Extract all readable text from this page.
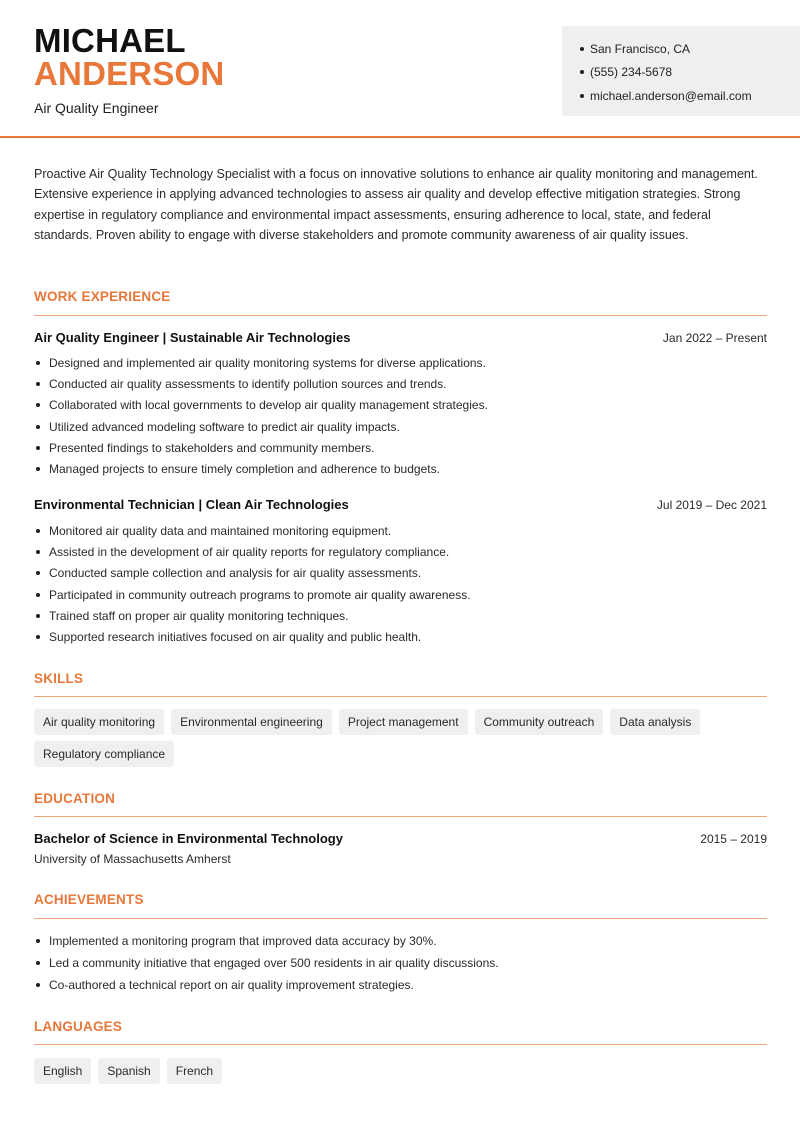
MICHAEL
ANDERSON
Air Quality Engineer
San Francisco, CA
(555) 234-5678
michael.anderson@email.com

Proactive Air Quality Technology Specialist with a focus on innovative solutions to enhance air quality monitoring and management. Extensive experience in applying advanced technologies to assess air quality and develop effective mitigation strategies. Strong expertise in regulatory compliance and environmental impact assessments, ensuring adherence to local, state, and federal standards. Proven ability to engage with diverse stakeholders and promote community awareness of air quality issues.

WORK EXPERIENCE
Air Quality Engineer | Sustainable Air Technologies	Jan 2022 – Present
Designed and implemented air quality monitoring systems for diverse applications.
Conducted air quality assessments to identify pollution sources and trends.
Collaborated with local governments to develop air quality management strategies.
Utilized advanced modeling software to predict air quality impacts.
Presented findings to stakeholders and community members.
Managed projects to ensure timely completion and adherence to budgets.
Environmental Technician | Clean Air Technologies	Jul 2019 – Dec 2021
Monitored air quality data and maintained monitoring equipment.
Assisted in the development of air quality reports for regulatory compliance.
Conducted sample collection and analysis for air quality assessments.
Participated in community outreach programs to promote air quality awareness.
Trained staff on proper air quality monitoring techniques.
Supported research initiatives focused on air quality and public health.
SKILLS
Air quality monitoring	Environmental engineering	Project management	Community outreach	Data analysis
Regulatory compliance
EDUCATION
Bachelor of Science in Environmental Technology	2015 – 2019
University of Massachusetts Amherst
ACHIEVEMENTS
Implemented a monitoring program that improved data accuracy by 30%.
Led a community initiative that engaged over 500 residents in air quality discussions.
Co-authored a technical report on air quality improvement strategies.
LANGUAGES
English	Spanish	French
